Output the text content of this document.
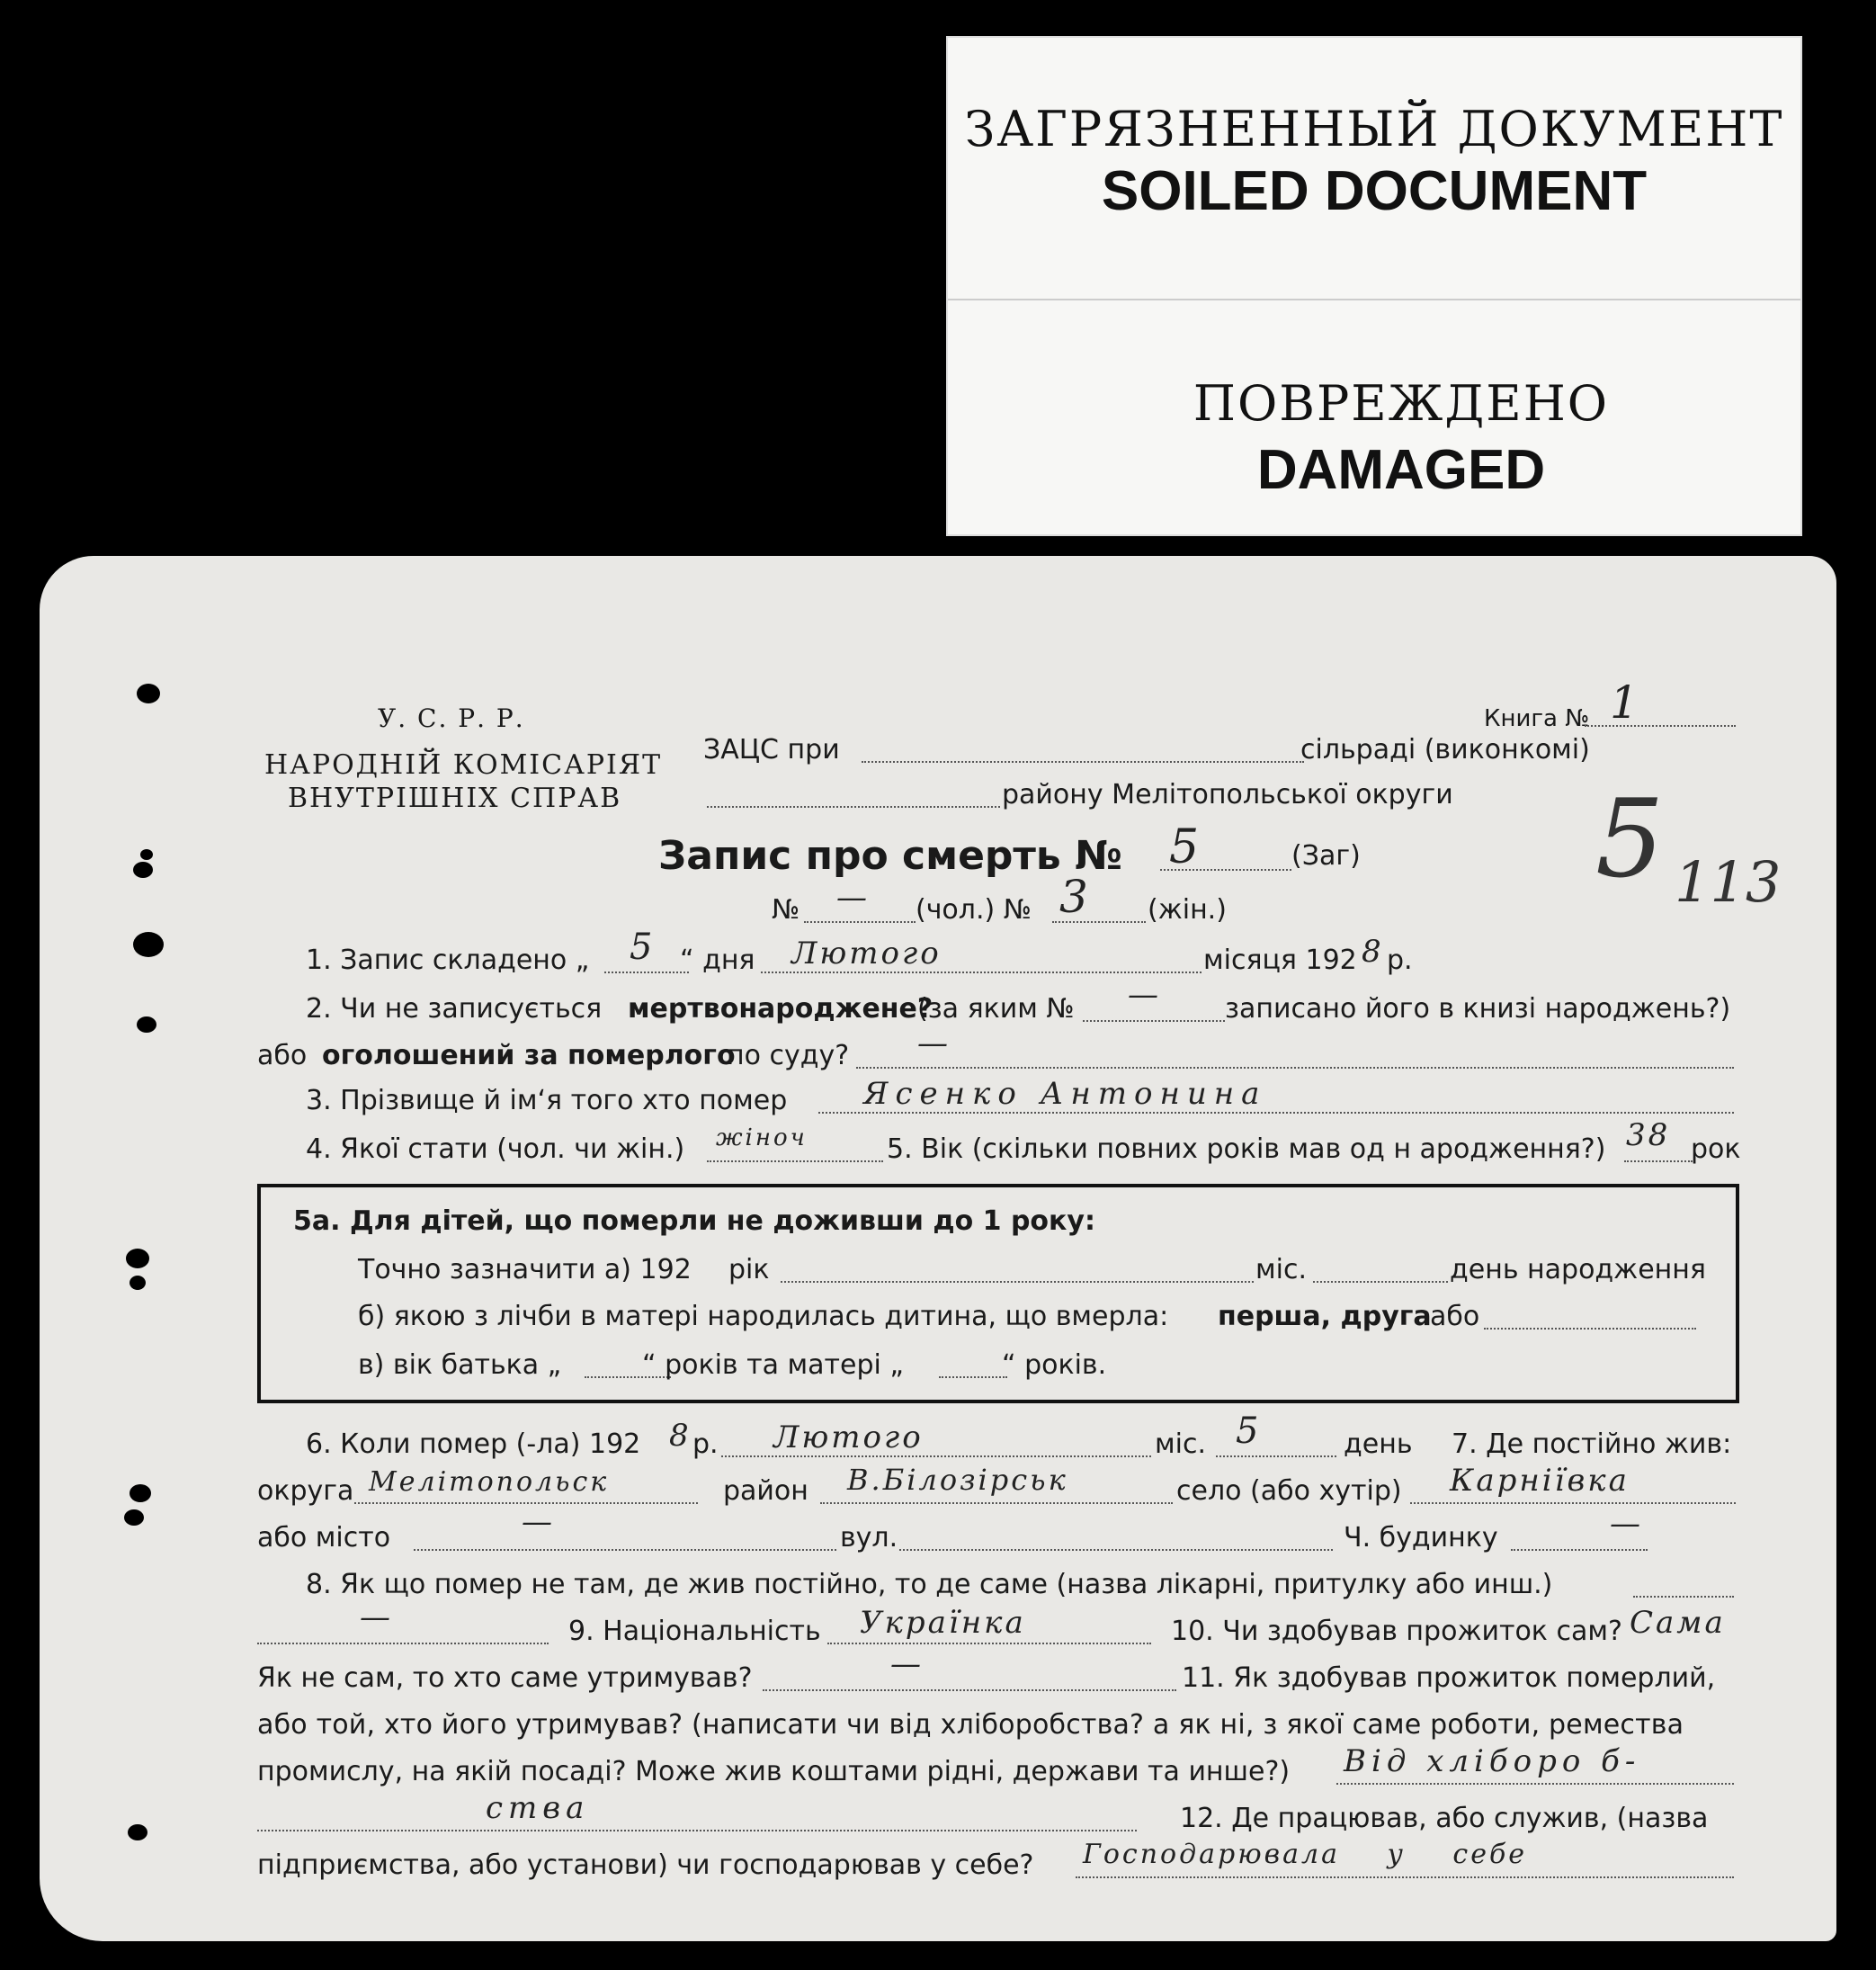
ЗАГРЯЗНЕННЫЙ ДОКУМЕНТ
SOILED DOCUMENT
ПОВРЕЖДЕНО
DAMAGED
У. С. Р. Р.
НАРОДНІЙ КОМІСАРІЯТ
ВНУТРІШНІХ СПРАВ
Книга № 1
ЗАЦС при	сільраді (виконкомі)
району Мелітопольської округи
Запис про смерть № 5	(Заг)
№ — (чол.) № 3 (жін.)
5 113
1. Запис складено „ 5 “ дня Лютого	місяця 192 8 р.
2. Чи не записується мертвонароджене?
(за яким № — записано його в книзі народжень?)
або оголошений за померлого
по суду? —
3. Прізвище й ім‘я того хто помер Ясенко Антонина
4. Якої стати (чол. чи жін.) жіноч	5. Вік (скільки повних років мав од н ародження?) 38 рок
5а. Для дітей, що померли не доживши до 1 року:
Точно зазначити а) 192 рік	міс.	день народження
б) якою з лічби в матері народилась дитина, що вмерла: перша, друга
або
в) вік батька „	“ років та матері „	“ років.
6. Коли помер (-ла) 192 8 р. Лютого	міс. 5	день 7. Де постійно жив:
округа Мелітопольск	район В.Білозірськ	село (або хутір) Карніївка
або місто	—	вул.	Ч. будинку	—
8. Як що помер не там, де жив постійно, то де саме (назва лікарні, притулку або инш.)
—	9. Національність Українка	10. Чи здобував прожиток сам? Сама
Як не сам, то хто саме утримував?	—	11. Як здобував прожиток померлий,
або той, хто його утримував? (написати чи від хліборобства? а як ні, з якої саме роботи, ремества
промислу, на якій посаді? Може жив коштами рідні, держави та инше?) Від хліборо б-
ства	12. Де працював, або служив, (назва
підприємства, або установи) чи господарював у себе? Господарювала у себе
